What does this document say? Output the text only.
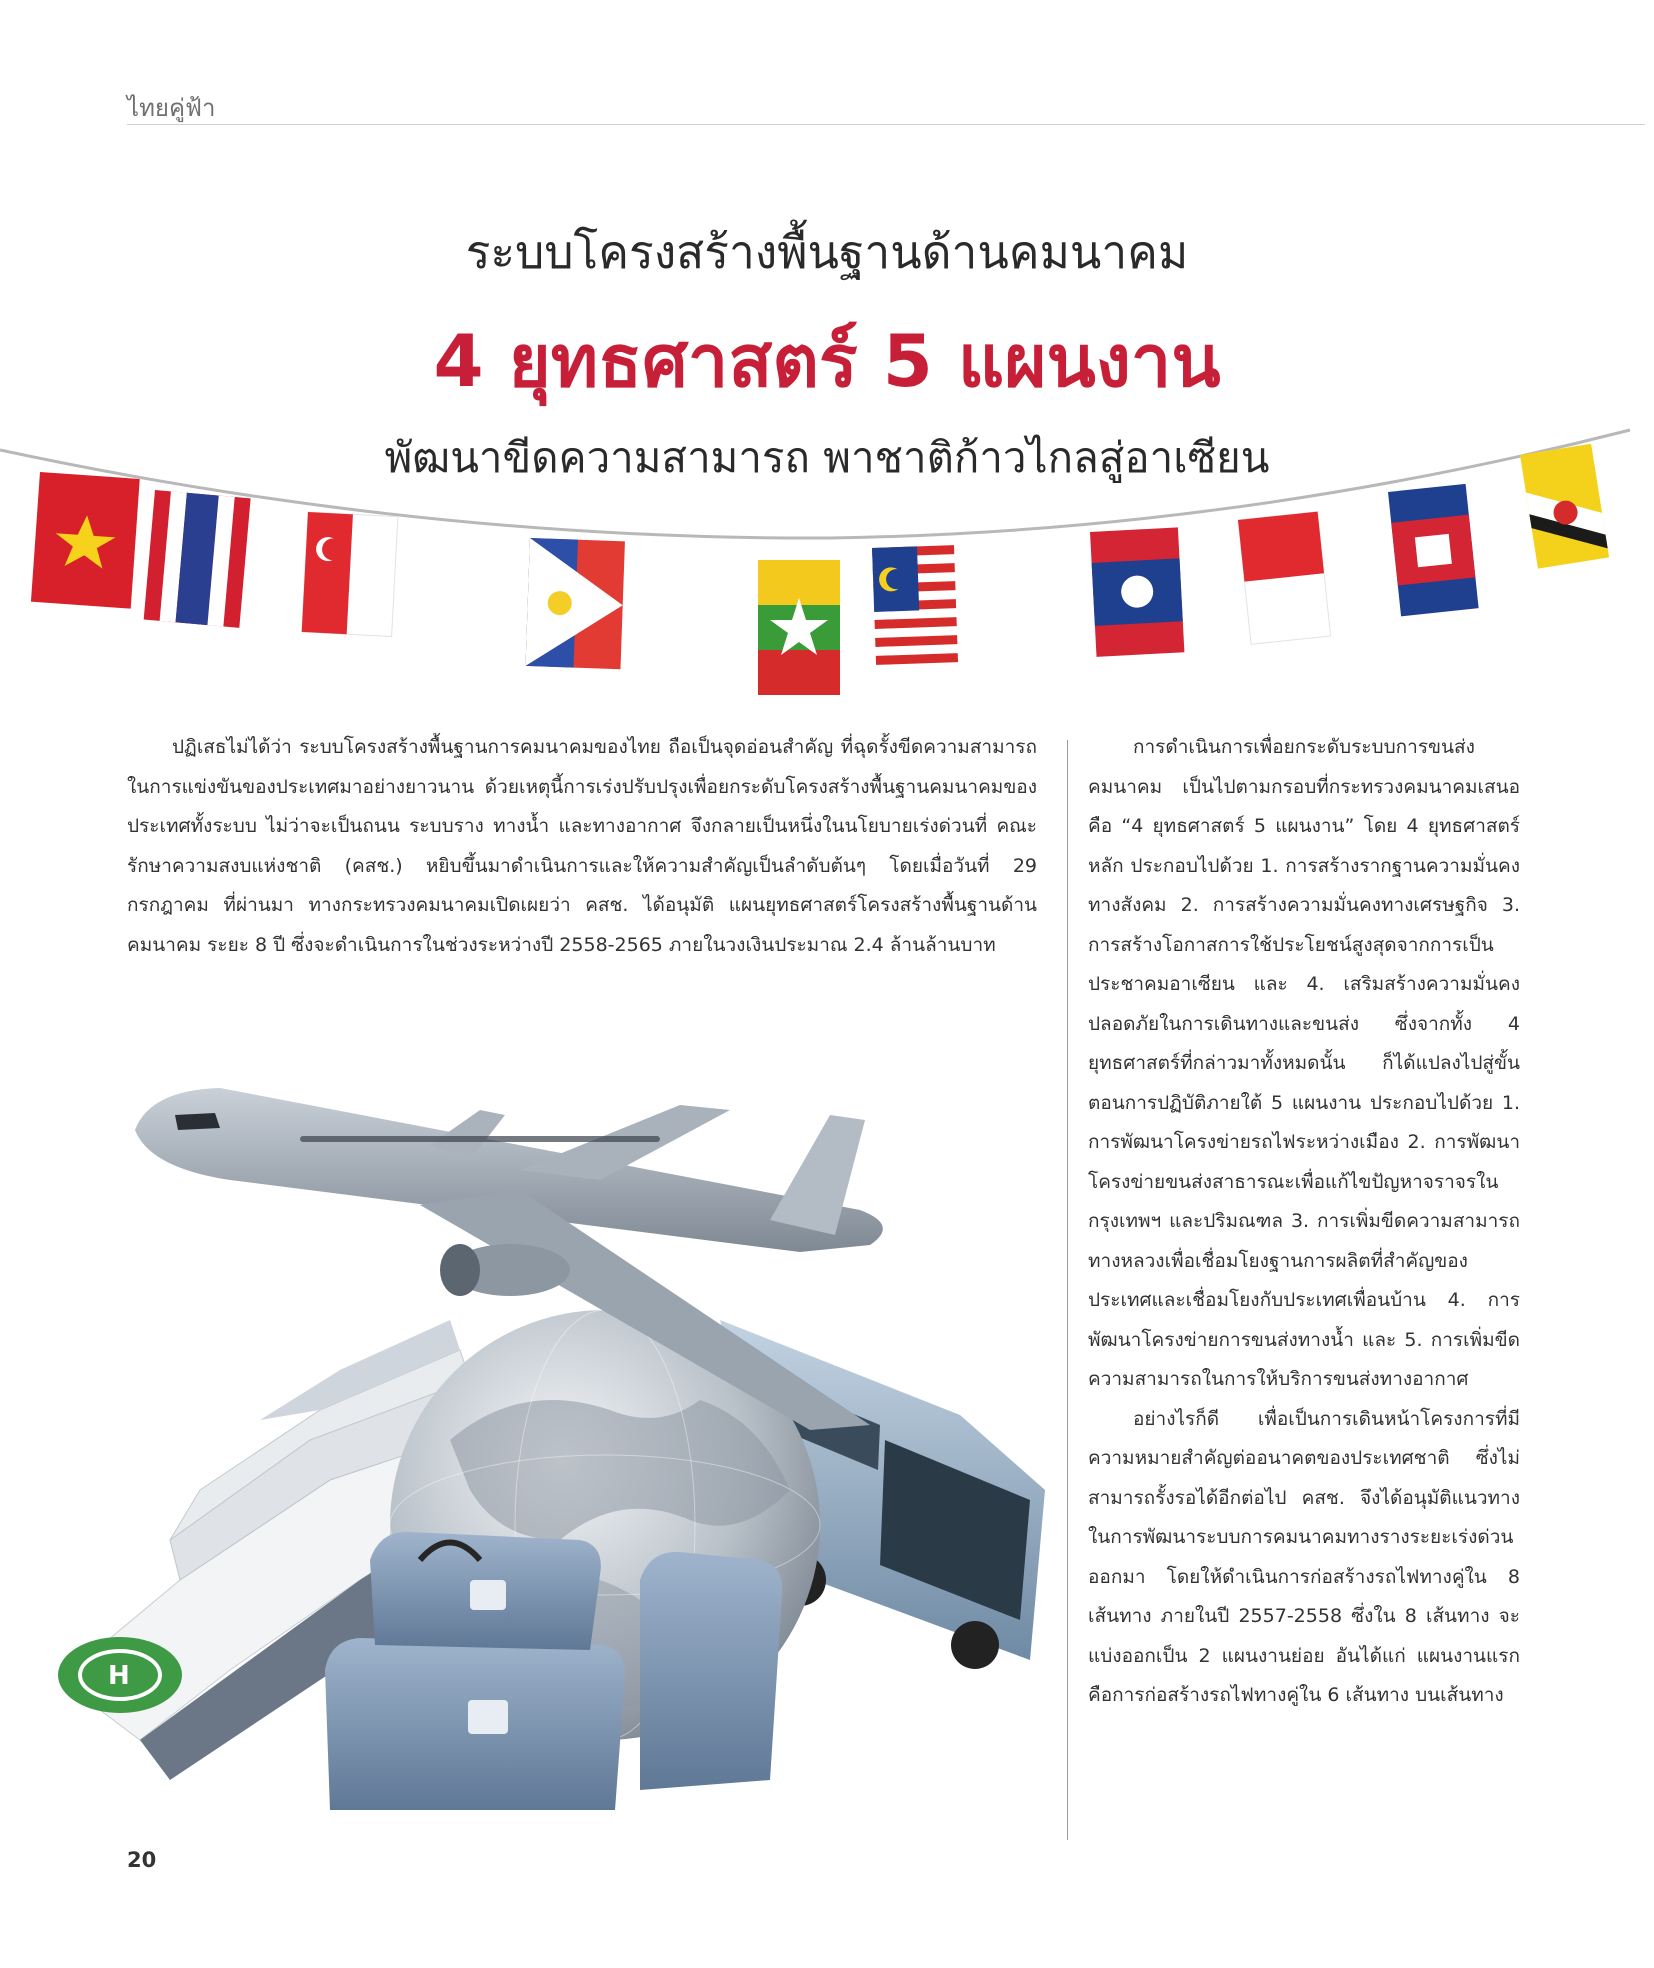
ไทยคู่ฟ้า
ระบบโครงสร้างพื้นฐานด้านคมนาคม
4 ยุทธศาสตร์ 5 แผนงาน
พัฒนาขีดความสามารถ พาชาติก้าวไกลสู่อาเซียน

ปฏิเสธไม่ได้ว่า ระบบโครงสร้างพื้นฐานการคมนาคมของไทย ถือเป็นจุดอ่อนสำคัญ ที่ฉุดรั้งขีดความสามารถในการแข่งขันของประเทศมาอย่างยาวนาน ด้วยเหตุนี้การเร่งปรับปรุงเพื่อยกระดับโครงสร้างพื้นฐานคมนาคมของประเทศทั้งระบบ ไม่ว่าจะเป็นถนน ระบบราง ทางน้ำ และทางอากาศ จึงกลายเป็นหนึ่งในนโยบายเร่งด่วนที่ คณะรักษาความสงบแห่งชาติ (คสช.) หยิบขึ้นมาดำเนินการและให้ความสำคัญเป็นลำดับต้นๆ โดยเมื่อวันที่ 29 กรกฎาคม ที่ผ่านมา ทางกระทรวงคมนาคมเปิดเผยว่า คสช. ได้อนุมัติ แผนยุทธศาสตร์โครงสร้างพื้นฐานด้านคมนาคม ระยะ 8 ปี ซึ่งจะดำเนินการในช่วงระหว่างปี 2558-2565 ภายในวงเงินประมาณ 2.4 ล้านล้านบาท

การดำเนินการเพื่อยกระดับระบบการขนส่งคมนาคม เป็นไปตามกรอบที่กระทรวงคมนาคมเสนอคือ “4 ยุทธศาสตร์ 5 แผนงาน” โดย 4 ยุทธศาสตร์หลัก ประกอบไปด้วย 1. การสร้างรากฐานความมั่นคงทางสังคม 2. การสร้างความมั่นคงทางเศรษฐกิจ 3. การสร้างโอกาสการใช้ประโยชน์สูงสุดจากการเป็นประชาคมอาเซียน และ 4. เสริมสร้างความมั่นคงปลอดภัยในการเดินทางและขนส่ง ซึ่งจากทั้ง 4 ยุทธศาสตร์ที่กล่าวมาทั้งหมดนั้น ก็ได้แปลงไปสู่ขั้นตอนการปฏิบัติภายใต้ 5 แผนงาน ประกอบไปด้วย 1. การพัฒนาโครงข่ายรถไฟระหว่างเมือง 2. การพัฒนาโครงข่ายขนส่งสาธารณะเพื่อแก้ไขปัญหาจราจรในกรุงเทพฯ และปริมณฑล 3. การเพิ่มขีดความสามารถทางหลวงเพื่อเชื่อมโยงฐานการผลิตที่สำคัญของประเทศและเชื่อมโยงกับประเทศเพื่อนบ้าน 4. การพัฒนาโครงข่ายการขนส่งทางน้ำ และ 5. การเพิ่มขีดความสามารถในการให้บริการขนส่งทางอากาศ

อย่างไรก็ดี เพื่อเป็นการเดินหน้าโครงการที่มีความหมายสำคัญต่ออนาคตของประเทศชาติ ซึ่งไม่สามารถรั้งรอได้อีกต่อไป คสช. จึงได้อนุมัติแนวทางในการพัฒนาระบบการคมนาคมทางรางระยะเร่งด่วนออกมา โดยให้ดำเนินการก่อสร้างรถไฟทางคู่ใน 8 เส้นทาง ภายในปี 2557-2558 ซึ่งใน 8 เส้นทาง จะแบ่งออกเป็น 2 แผนงานย่อย อันได้แก่ แผนงานแรก คือการก่อสร้างรถไฟทางคู่ใน 6 เส้นทาง บนเส้นทาง

H
20
